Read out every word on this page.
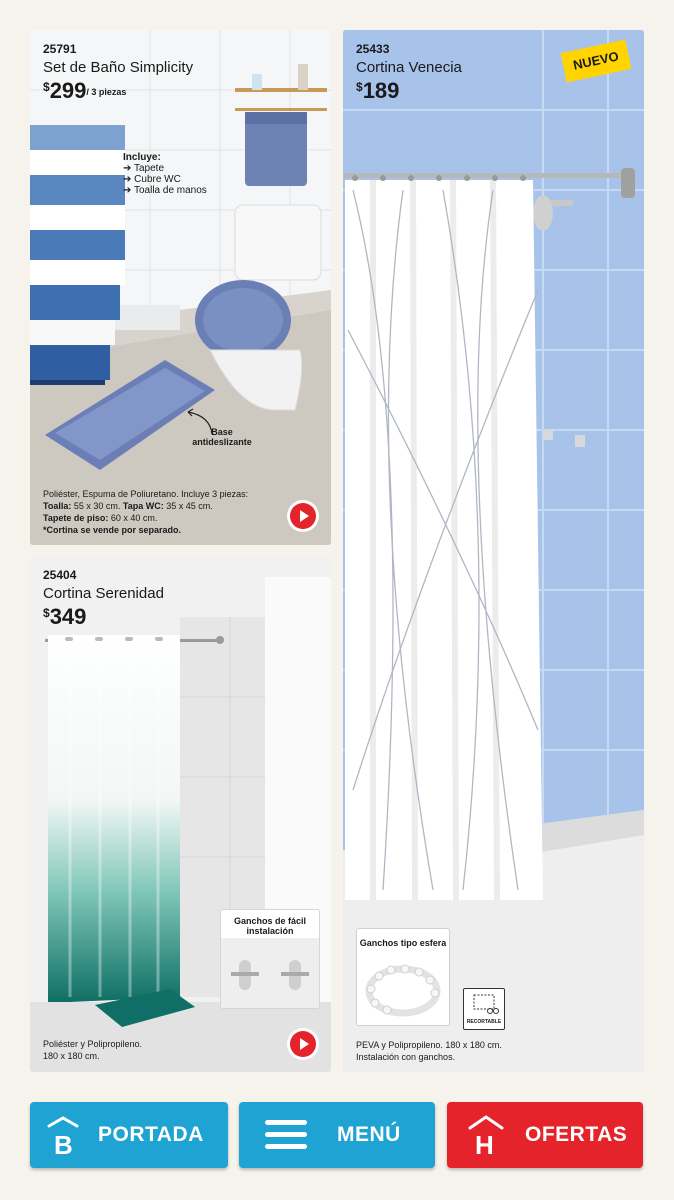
25791
Set de Baño Simplicity
$299/ 3 piezas
Incluye:
➔ Tapete
➔ Cubre WC
➔ Toalla de manos
Base antideslizante
Poliéster, Espuma de Poliuretano. Incluye 3 piezas:
Toalla: 55 x 30 cm. Tapa WC: 35 x 45 cm.
Tapete de piso: 60 x 40 cm.
*Cortina se vende por separado.
25404
Cortina Serenidad
$349
Ganchos de fácil instalación
Poliéster y Polipropileno.
180 x 180 cm.
25433
Cortina Venecia
$189
NUEVO
Ganchos tipo esfera
RECORTABLE
PEVA y Polipropileno. 180 x 180 cm.
Instalación con ganchos.
B PORTADA	MENÚ	H OFERTAS
